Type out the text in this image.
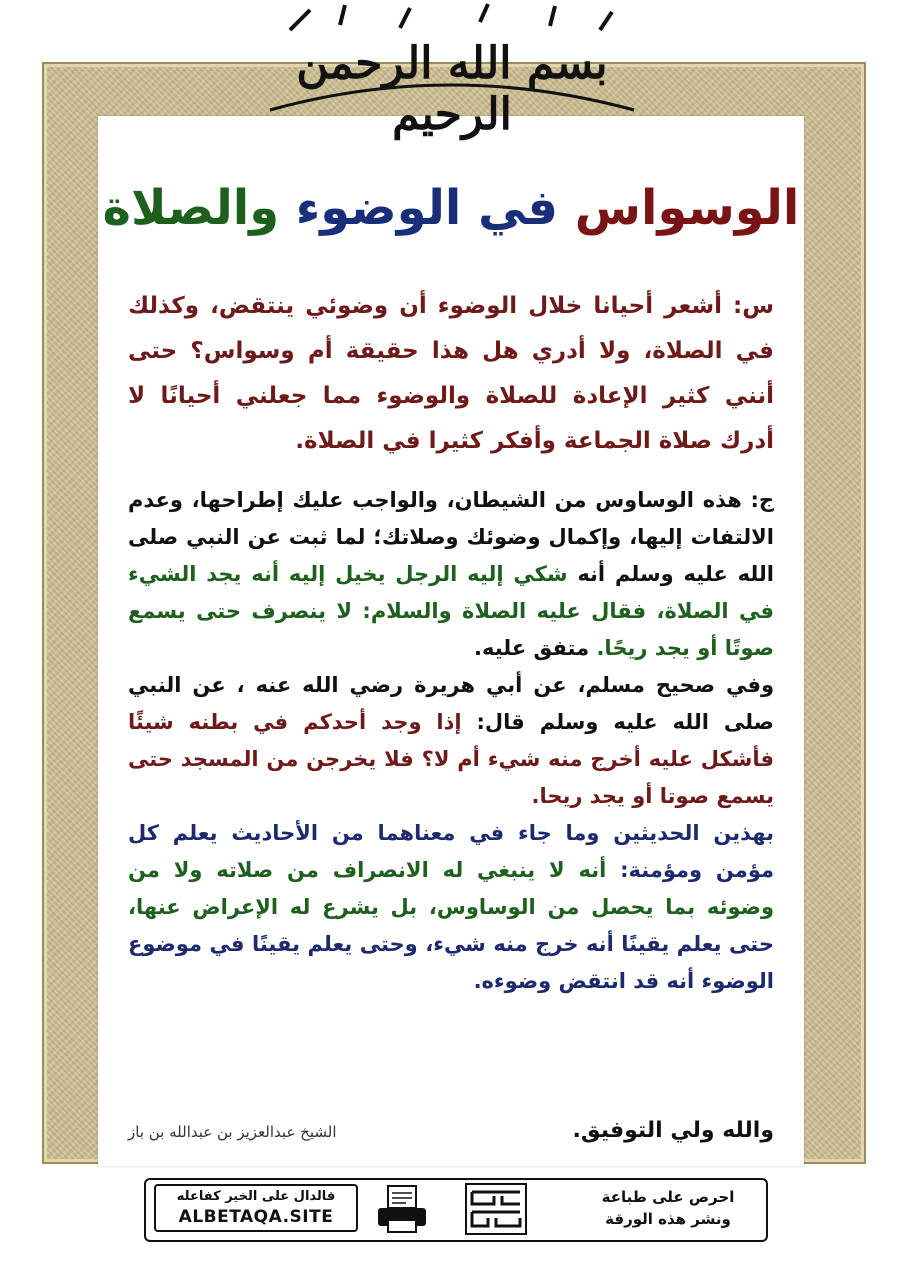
بسم الله الرحمن الرحيم
الوسواس في الوضوء والصلاة

س: أشعر أحيانا خلال الوضوء أن وضوئي ينتقض، وكذلك في الصلاة، ولا أدري هل هذا حقيقة أم وسواس؟ حتى أنني كثير الإعادة للصلاة والوضوء مما جعلني أحيانًا لا أدرك صلاة الجماعة وأفكر كثيرا في الصلاة.

ج: هذه الوساوس من الشيطان، والواجب عليك إطراحها، وعدم الالتفات إليها، وإكمال وضوئك وصلاتك؛ لما ثبت عن النبي صلى الله عليه وسلم أنه شكي إليه الرجل يخيل إليه أنه يجد الشيء في الصلاة، فقال عليه الصلاة والسلام: لا ينصرف حتى يسمع صوتًا أو يجد ريحًا. متفق عليه.

وفي صحيح مسلم، عن أبي هريرة رضي الله عنه ، عن النبي صلى الله عليه وسلم قال: إذا وجد أحدكم في بطنه شيئًا فأشكل عليه أخرج منه شيء أم لا؟ فلا يخرجن من المسجد حتى يسمع صوتا أو يجد ريحا.

بهذين الحديثين وما جاء في معناهما من الأحاديث يعلم كل مؤمن ومؤمنة: أنه لا ينبغي له الانصراف من صلاته ولا من وضوئه بما يحصل من الوساوس، بل يشرع له الإعراض عنها، حتى يعلم يقينًا أنه خرج منه شيء، وحتى يعلم يقينًا في موضوع الوضوء أنه قد انتقض وضوءه.

والله ولي التوفيق.
الشيخ عبدالعزيز بن عبدالله بن باز
احرص على طباعة
ونشر هذه الورقة
فالدال على الخير كفاعله
ALBETAQA.SITE
